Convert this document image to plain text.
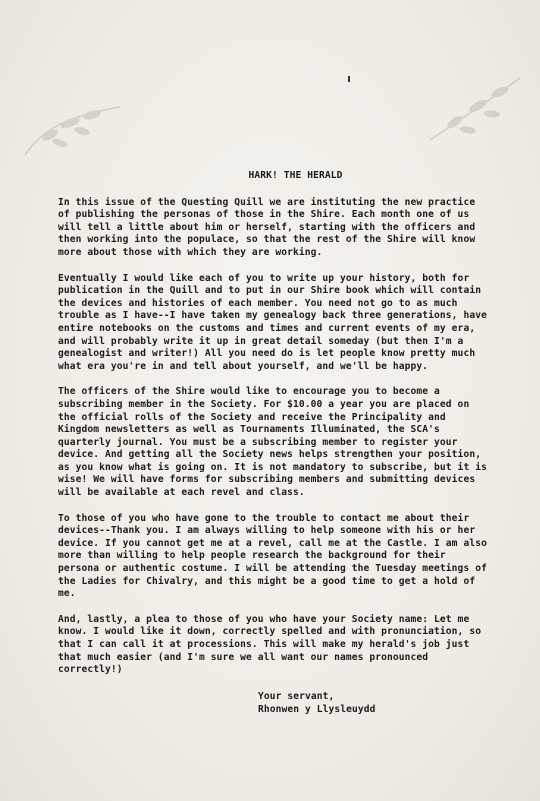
HARK! THE HERALD

In this issue of the Questing Quill we are instituting the new practice of publishing the personas of those in the Shire. Each month one of us will tell a little about him or herself, starting with the officers and then working into the populace, so that the rest of the Shire will know more about those with which they are working.

Eventually I would like each of you to write up your history, both for publication in the Quill and to put in our Shire book which will contain the devices and histories of each member. You need not go to as much trouble as I have--I have taken my genealogy back three generations, have entire notebooks on the customs and times and current events of my era, and will probably write it up in great detail someday (but then I'm a genealogist and writer!) All you need do is let people know pretty much what era you're in and tell about yourself, and we'll be happy.

The officers of the Shire would like to encourage you to become a subscribing member in the Society. For $10.00 a year you are placed on the official rolls of the Society and receive the Principality and Kingdom newsletters as well as Tournaments Illuminated, the SCA's quarterly journal. You must be a subscribing member to register your device. And getting all the Society news helps strengthen your position, as you know what is going on. It is not mandatory to subscribe, but it is wise! We will have forms for subscribing members and submitting devices will be available at each revel and class.

To those of you who have gone to the trouble to contact me about their devices--Thank you. I am always willing to help someone with his or her device. If you cannot get me at a revel, call me at the Castle. I am also more than willing to help people research the background for their persona or authentic costume. I will be attending the Tuesday meetings of the Ladies for Chivalry, and this might be a good time to get a hold of me.

And, lastly, a plea to those of you who have your Society name: Let me know. I would like it down, correctly spelled and with pronunciation, so that I can call it at processions. This will make my herald's job just that much easier (and I'm sure we all want our names pronounced correctly!)

Your servant,
Rhonwen y Llysleuydd
